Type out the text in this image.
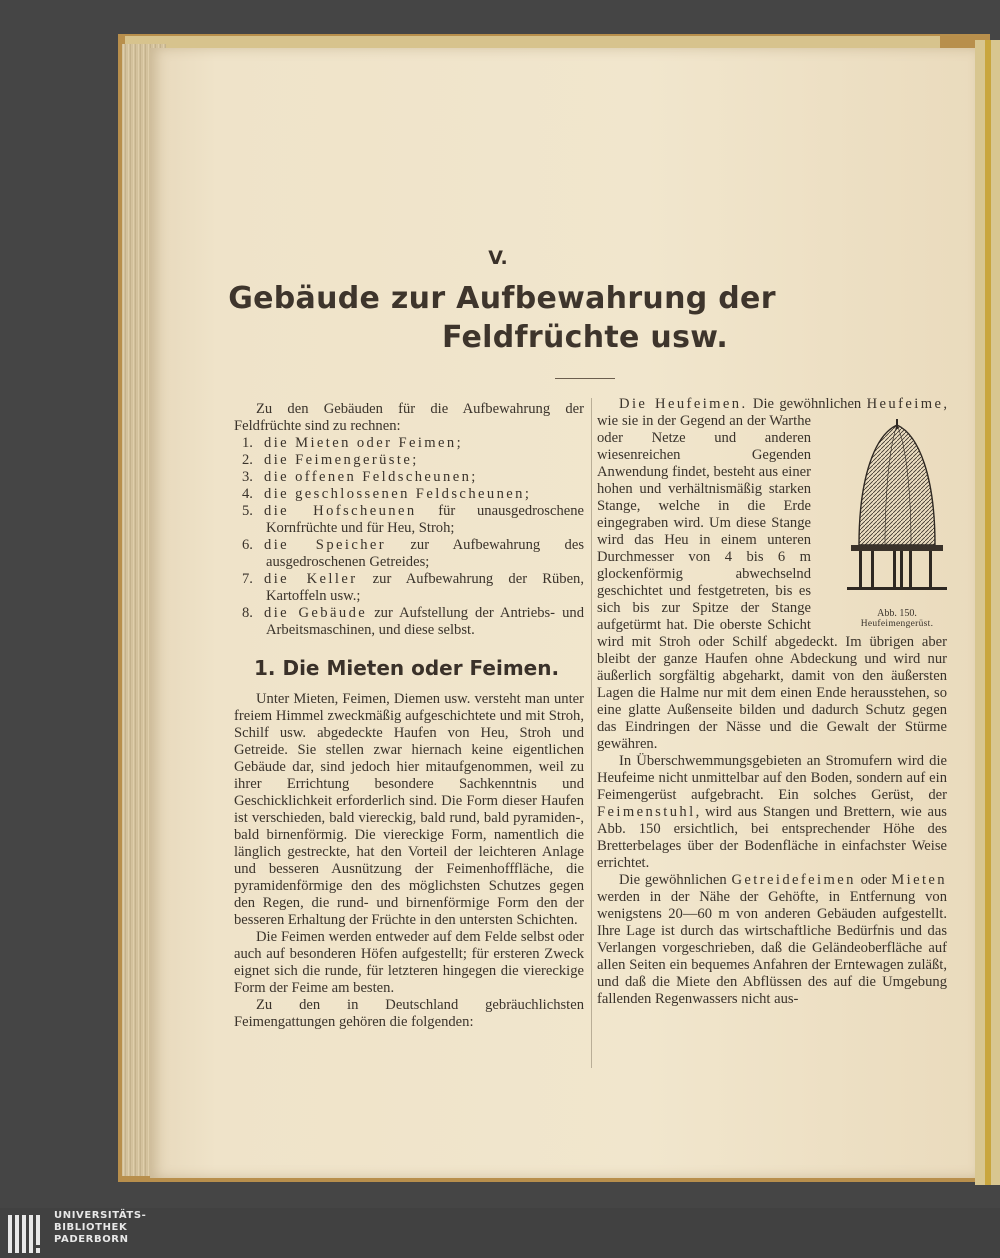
V.
Gebäude zur Aufbewahrung der
Feldfrüchte usw.

Zu den Gebäuden für die Aufbewahrung der Feldfrüchte sind zu rechnen:

1. die Mieten oder Feimen;

2. die Feimengerüste;

3. die offenen Feldscheunen;

4. die geschlossenen Feldscheunen;

5. die Hofscheunen für unausgedroschene Kornfrüchte und für Heu, Stroh;

6. die Speicher zur Aufbewahrung des ausgedroschenen Getreides;

7. die Keller zur Aufbewahrung der Rüben, Kartoffeln usw.;

8. die Gebäude zur Aufstellung der Antriebs- und Arbeitsmaschinen, und diese selbst.

1. Die Mieten oder Feimen.

Unter Mieten, Feimen, Diemen usw. versteht man unter freiem Himmel zweckmäßig aufgeschichtete und mit Stroh, Schilf usw. abgedeckte Haufen von Heu, Stroh und Getreide. Sie stellen zwar hiernach keine eigentlichen Gebäude dar, sind jedoch hier mitaufgenommen, weil zu ihrer Errichtung besondere Sachkenntnis und Geschicklichkeit erforderlich sind. Die Form dieser Haufen ist verschieden, bald viereckig, bald rund, bald pyramiden-, bald birnenförmig. Die viereckige Form, namentlich die länglich gestreckte, hat den Vorteil der leichteren Anlage und besseren Ausnützung der Feimenhofffläche, die pyramidenförmige den des möglichsten Schutzes gegen den Regen, die rund- und birnenförmige Form den der besseren Erhaltung der Früchte in den untersten Schichten.

Die Feimen werden entweder auf dem Felde selbst oder auch auf besonderen Höfen aufgestellt; für ersteren Zweck eignet sich die runde, für letzteren hingegen die viereckige Form der Feime am besten.

Zu den in Deutschland gebräuchlichsten Feimengattungen gehören die folgenden:

Die Heufeimen. Die gewöhnlichen Heufeime
Abb. 150.
Heufeimengerüst.
, wie sie in der Gegend an der Warthe oder Netze und anderen wiesenreichen Gegenden Anwendung findet, besteht aus einer hohen und verhältnismäßig starken Stange, welche in die Erde eingegraben wird. Um diese Stange wird das Heu in einem unteren Durchmesser von 4 bis 6 m glockenförmig abwechselnd geschichtet und festgetreten, bis es sich bis zur Spitze der Stange aufgetürmt hat. Die oberste Schicht wird mit Stroh oder Schilf abgedeckt. Im übrigen aber bleibt der ganze Haufen ohne Abdeckung und wird nur äußerlich sorgfältig abgeharkt, damit von den äußersten Lagen die Halme nur mit dem einen Ende herausstehen, so eine glatte Außenseite bilden und dadurch Schutz gegen das Eindringen der Nässe und die Gewalt der Stürme gewähren.

In Überschwemmungsgebieten an Stromufern wird die Heufeime nicht unmittelbar auf den Boden, sondern auf ein Feimengerüst aufgebracht. Ein solches Gerüst, der Feimenstuhl, wird aus Stangen und Brettern, wie aus Abb. 150 ersichtlich, bei entsprechender Höhe des Bretterbelages über der Bodenfläche in einfachster Weise errichtet.

Die gewöhnlichen Getreidefeimen oder Mieten werden in der Nähe der Gehöfte, in Entfernung von wenigstens 20—60 m von anderen Gebäuden aufgestellt. Ihre Lage ist durch das wirtschaftliche Bedürfnis und das Verlangen vorgeschrieben, daß die Geländeoberfläche auf allen Seiten ein bequemes Anfahren der Erntewagen zuläßt, und daß die Miete den Abflüssen des auf die Umgebung fallenden Regenwassers nicht aus-

UNIVERSITÄTS-
BIBLIOTHEK
PADERBORN
